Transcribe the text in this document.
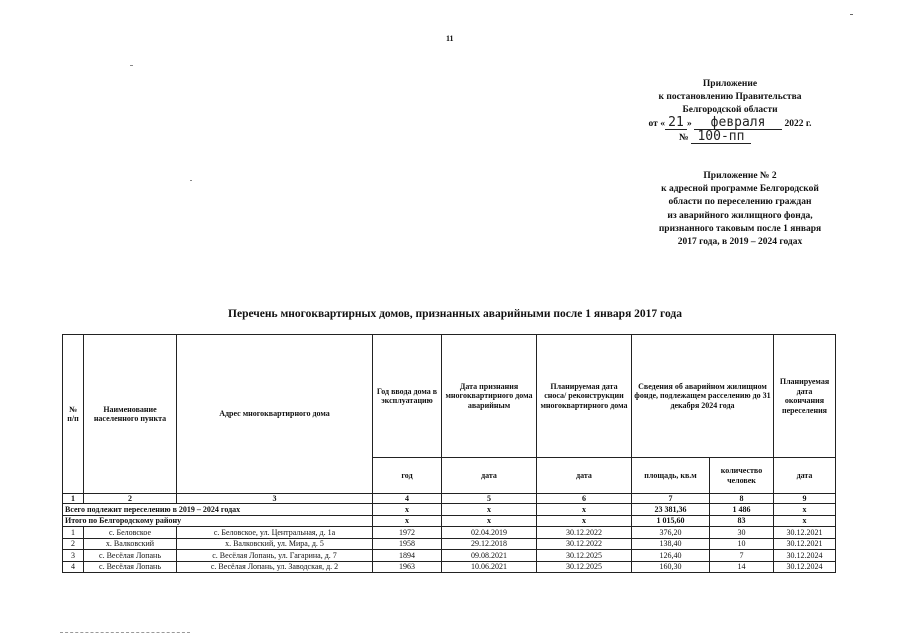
11
Приложение
к постановлению Правительства
Белгородской области
от « 21 » февраля 2022 г.
№ 100-пп
Приложение № 2
к адресной программе Белгородской
области по переселению граждан
из аварийного жилищного фонда,
признанного таковым после 1 января
2017 года, в 2019 – 2024 годах
Перечень многоквартирных домов, признанных аварийными после 1 января 2017 года
№ п/п	Наименование населенного пункта	Адрес многоквартирного дома	Год ввода дома в эксплуатацию	Дата признания многоквартирного дома аварийным	Планируемая дата сноса/ реконструкции многоквартирного дома	Сведения об аварийном жилищном фонде, подлежащем расселению до 31 декабря 2024 года		Планируемая дата окончания переселения
			год	дата	дата	площадь, кв.м	количество человек	дата
1	2	3	4	5	6	7	8	9
Всего подлежит переселению в 2019 – 2024 годах			x	x	x	23 381,36	1 486	x
Итого по Белгородскому району			x	x	x	1 015,60	83	x
1	с. Беловское	с. Беловское, ул. Центральная, д. 1а	1972	02.04.2019	30.12.2022	376,20	30	30.12.2021
2	х. Валковский	х. Валковский, ул. Мира, д. 5	1958	29.12.2018	30.12.2022	138,40	10	30.12.2021
3	с. Весёлая Лопань	с. Весёлая Лопань, ул. Гагарина, д. 7	1894	09.08.2021	30.12.2025	126,40	7	30.12.2024
4	с. Весёлая Лопань	с. Весёлая Лопань, ул. Заводская, д. 2	1963	10.06.2021	30.12.2025	160,30	14	30.12.2024
